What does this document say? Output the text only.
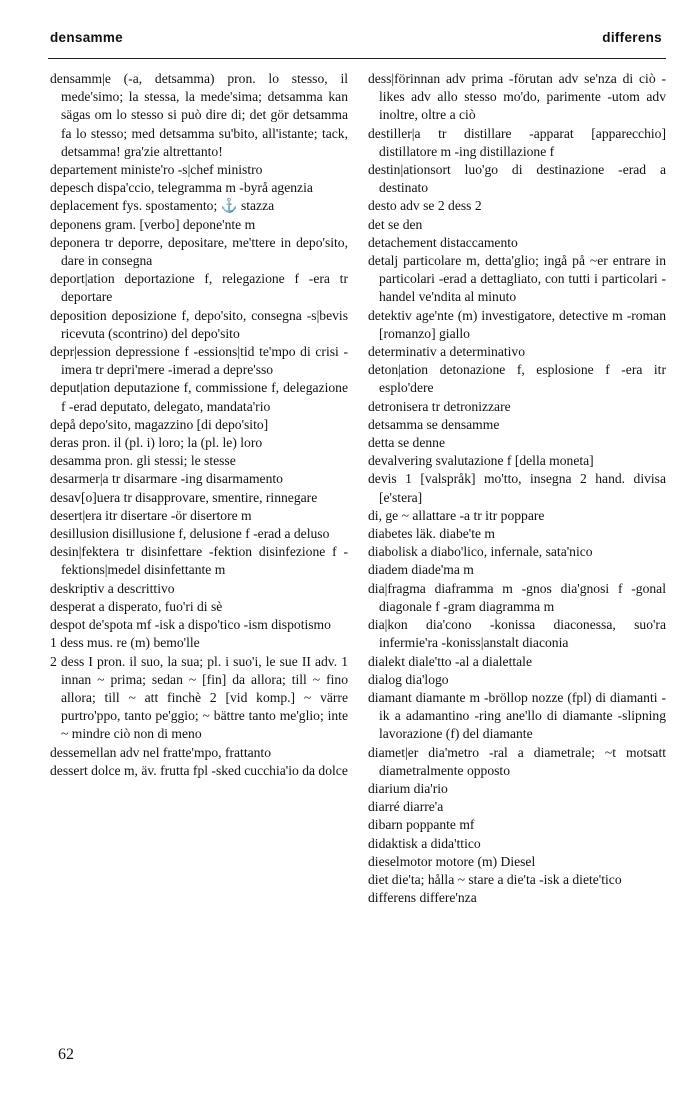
densamme	differens

densamm|e (-a, detsamma) pron. lo stesso, il mede'simo; la stessa, la mede'sima; detsamma kan sägas om lo stesso si può dire di; det gör detsamma fa lo stesso; med detsamma su'bito, all'istante; tack, detsamma! gra'zie altrettanto!

departement ministe'ro -s|chef ministro

depesch dispa'ccio, telegramma m -byrå agenzia

deplacement fys. spostamento; ⚓ stazza

deponens gram. [verbo] depone'nte m

deponera tr deporre, depositare, me'ttere in depo'sito, dare in consegna

deport|ation deportazione f, relegazione f -era tr deportare

deposition deposizione f, depo'sito, consegna -s|bevis ricevuta (scontrino) del depo'sito

depr|ession depressione f -essions|tid te'mpo di crisi -imera tr depri'mere -imerad a depre'sso

deput|ation deputazione f, commissione f, delegazione f -erad deputato, delegato, mandata'rio

depå depo'sito, magazzino [di depo'sito]

deras pron. il (pl. i) loro; la (pl. le) loro

desamma pron. gli stessi; le stesse

desarmer|a tr disarmare -ing disarmamento

desav[o]uera tr disapprovare, smentire, rinnegare

desert|era itr disertare -ör disertore m

desillusion disillusione f, delusione f -erad a deluso

desin|fektera tr disinfettare -fektion disinfezione f -fektions|medel disinfettante m

deskriptiv a descrittivo

desperat a disperato, fuo'ri di sè

despot de'spota mf -isk a dispo'tico -ism dispotismo

1 dess mus. re (m) bemo'lle

2 dess I pron. il suo, la sua; pl. i suo'i, le sue II adv. 1 innan ~ prima; sedan ~ [fin] da allora; till ~ fino allora; till ~ att finchè 2 [vid komp.] ~ värre purtro'ppo, tanto pe'ggio; ~ bättre tanto me'glio; inte ~ mindre ciò non di meno

dessemellan adv nel fratte'mpo, frattanto

dessert dolce m, äv. frutta fpl -sked cucchia'io da dolce

dess|förinnan adv prima -förutan adv se'nza di ciò -likes adv allo stesso mo'do, parimente -utom adv inoltre, oltre a ciò

destiller|a tr distillare -apparat [apparecchio] distillatore m -ing distillazione f

destin|ationsort luo'go di destinazione -erad a destinato

desto adv se 2 dess 2

det se den

detachement distaccamento

detalj particolare m, detta'glio; ingå på ~er entrare in particolari -erad a dettagliato, con tutti i particolari -handel ve'ndita al minuto

detektiv age'nte (m) investigatore, detective m -roman [romanzo] giallo

determinativ a determinativo

deton|ation detonazione f, esplosione f -era itr esplo'dere

detronisera tr detronizzare

detsamma se densamme

detta se denne

devalvering svalutazione f [della moneta]

devis 1 [valspråk] mo'tto, insegna 2 hand. divisa [e'stera]

di, ge ~ allattare -a tr itr poppare

diabetes läk. diabe'te m

diabolisk a diabo'lico, infernale, sata'nico

diadem diade'ma m

dia|fragma diaframma m -gnos dia'gnosi f -gonal diagonale f -gram diagramma m

dia|kon dia'cono -konissa diaconessa, suo'ra infermie'ra -koniss|anstalt diaconia

dialekt diale'tto -al a dialettale

dialog dia'logo

diamant diamante m -bröllop nozze (fpl) di diamanti -ik a adamantino -ring ane'llo di diamante -slipning lavorazione (f) del diamante

diamet|er dia'metro -ral a diametrale; ~t motsatt diametralmente opposto

diarium dia'rio

diarré diarre'a

dibarn poppante mf

didaktisk a dida'ttico

dieselmotor motore (m) Diesel

diet die'ta; hålla ~ stare a die'ta -isk a diete'tico

differens differe'nza

62
